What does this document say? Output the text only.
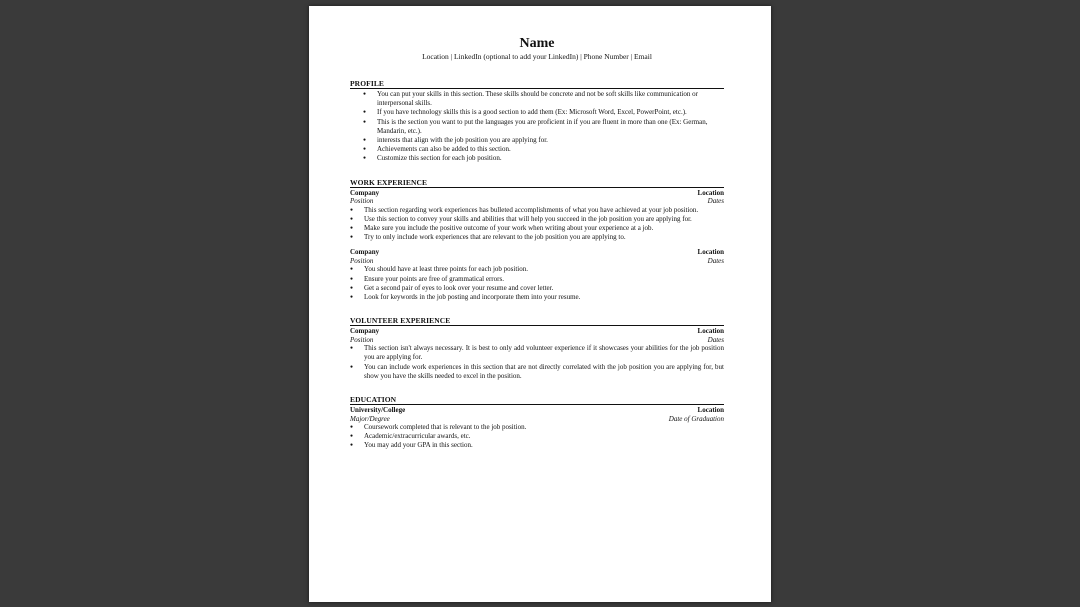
Name

Location | LinkedIn (optional to add your LinkedIn) | Phone Number | Email

PROFILE
● You can put your skills in this section. These skills should be concrete and not be soft skills like communication or interpersonal skills.
● If you have technology skills this is a good section to add them (Ex: Microsoft Word, Excel, PowerPoint, etc.).
● This is the section you want to put the languages you are proficient in if you are fluent in more than one (Ex: German, Mandarin, etc.).
● interests that align with the job position you are applying for.
● Achievements can also be added to this section.
● Customize this section for each job position.
WORK EXPERIENCE
Company	Location
Position	Dates
● This section regarding work experiences has bulleted accomplishments of what you have achieved at your job position.
● Use this section to convey your skills and abilities that will help you succeed in the job position you are applying for.
● Make sure you include the positive outcome of your work when writing about your experience at a job.
● Try to only include work experiences that are relevant to the job position you are applying to.
Company	Location
Position	Dates
● You should have at least three points for each job position.
● Ensure your points are free of grammatical errors.
● Get a second pair of eyes to look over your resume and cover letter.
● Look for keywords in the job posting and incorporate them into your resume.
VOLUNTEER EXPERIENCE
Company	Location
Position	Dates
● This section isn't always necessary. It is best to only add volunteer experience if it showcases your abilities for the job position you are applying for.
● You can include work experiences in this section that are not directly correlated with the job position you are applying for, but show you have the skills needed to excel in the position.
EDUCATION
University/College	Location
Major/Degree	Date of Graduation
● Coursework completed that is relevant to the job position.
● Academic/extracurricular awards, etc.
● You may add your GPA in this section.
